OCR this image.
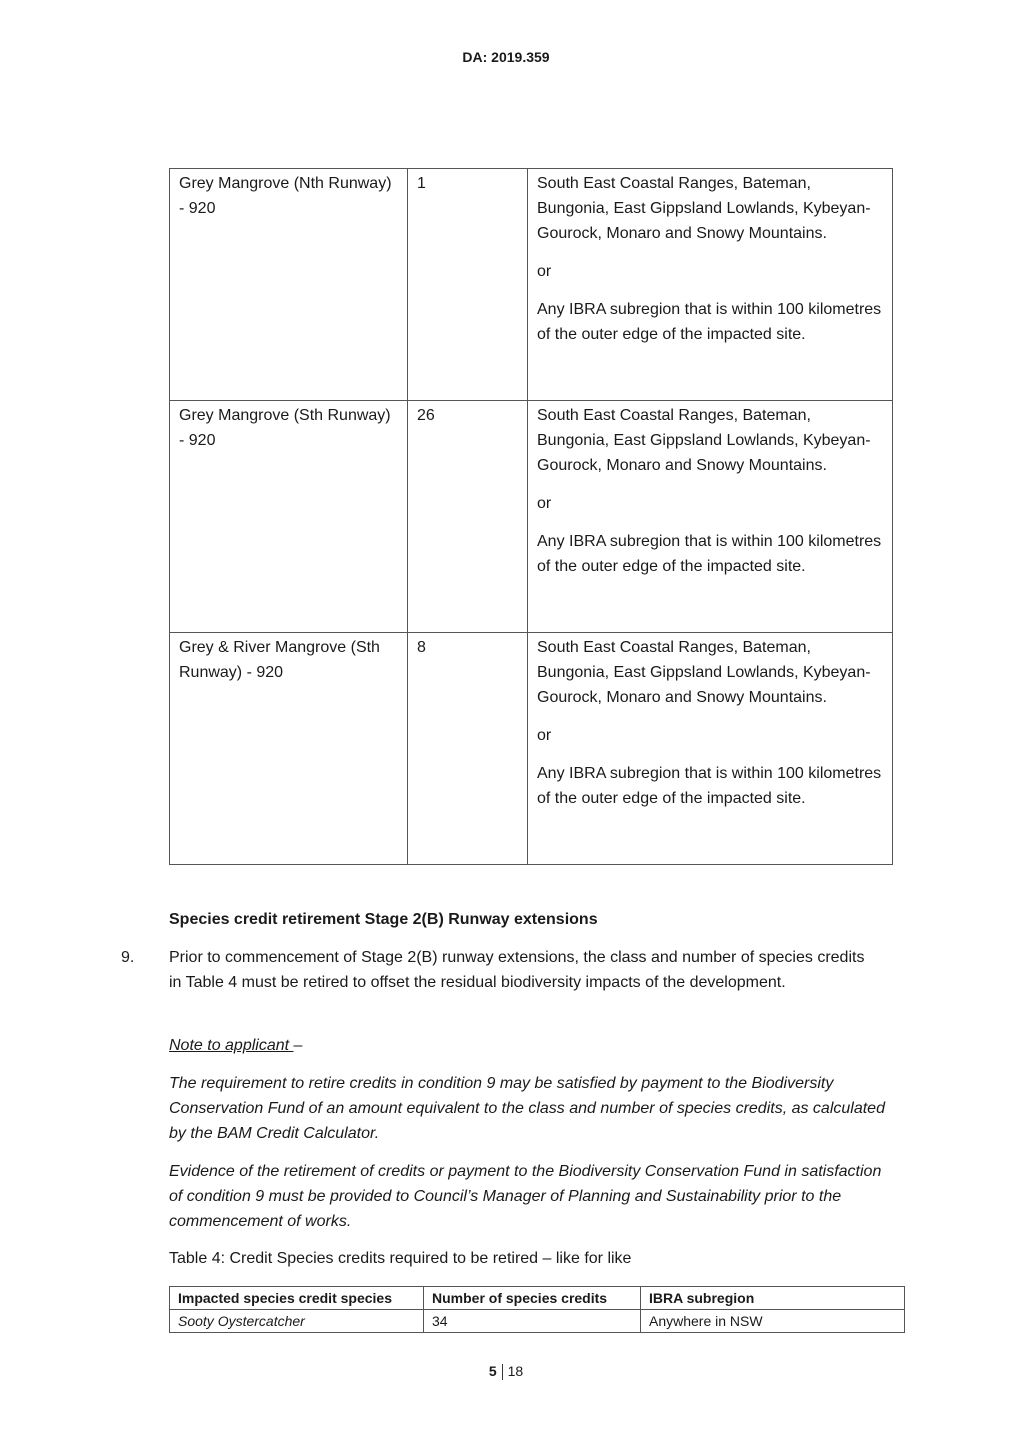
DA: 2019.359
Grey Mangrove (Nth Runway) - 920	1	South East Coastal Ranges, Bateman, Bungonia, East Gippsland Lowlands, Kybeyan-Gourock, Monaro and Snowy Mountains.

or

Any IBRA subregion that is within 100 kilometres of the outer edge of the impacted site.

Grey Mangrove (Sth Runway) - 920	26	South East Coastal Ranges, Bateman, Bungonia, East Gippsland Lowlands, Kybeyan-Gourock, Monaro and Snowy Mountains.

or

Any IBRA subregion that is within 100 kilometres of the outer edge of the impacted site.

Grey & River Mangrove (Sth Runway) - 920	8	South East Coastal Ranges, Bateman, Bungonia, East Gippsland Lowlands, Kybeyan-Gourock, Monaro and Snowy Mountains.

or

Any IBRA subregion that is within 100 kilometres of the outer edge of the impacted site.

Species credit retirement Stage 2(B) Runway extensions
9. Prior to commencement of Stage 2(B) runway extensions, the class and number of species credits in Table 4 must be retired to offset the residual biodiversity impacts of the development.
Note to applicant –
The requirement to retire credits in condition 9 may be satisfied by payment to the Biodiversity Conservation Fund of an amount equivalent to the class and number of species credits, as calculated by the BAM Credit Calculator.
Evidence of the retirement of credits or payment to the Biodiversity Conservation Fund in satisfaction of condition 9 must be provided to Council’s Manager of Planning and Sustainability prior to the commencement of works.
Table 4: Credit Species credits required to be retired – like for like
Impacted species credit species	Number of species credits	IBRA subregion
Sooty Oystercatcher	34	Anywhere in NSW
5 18
